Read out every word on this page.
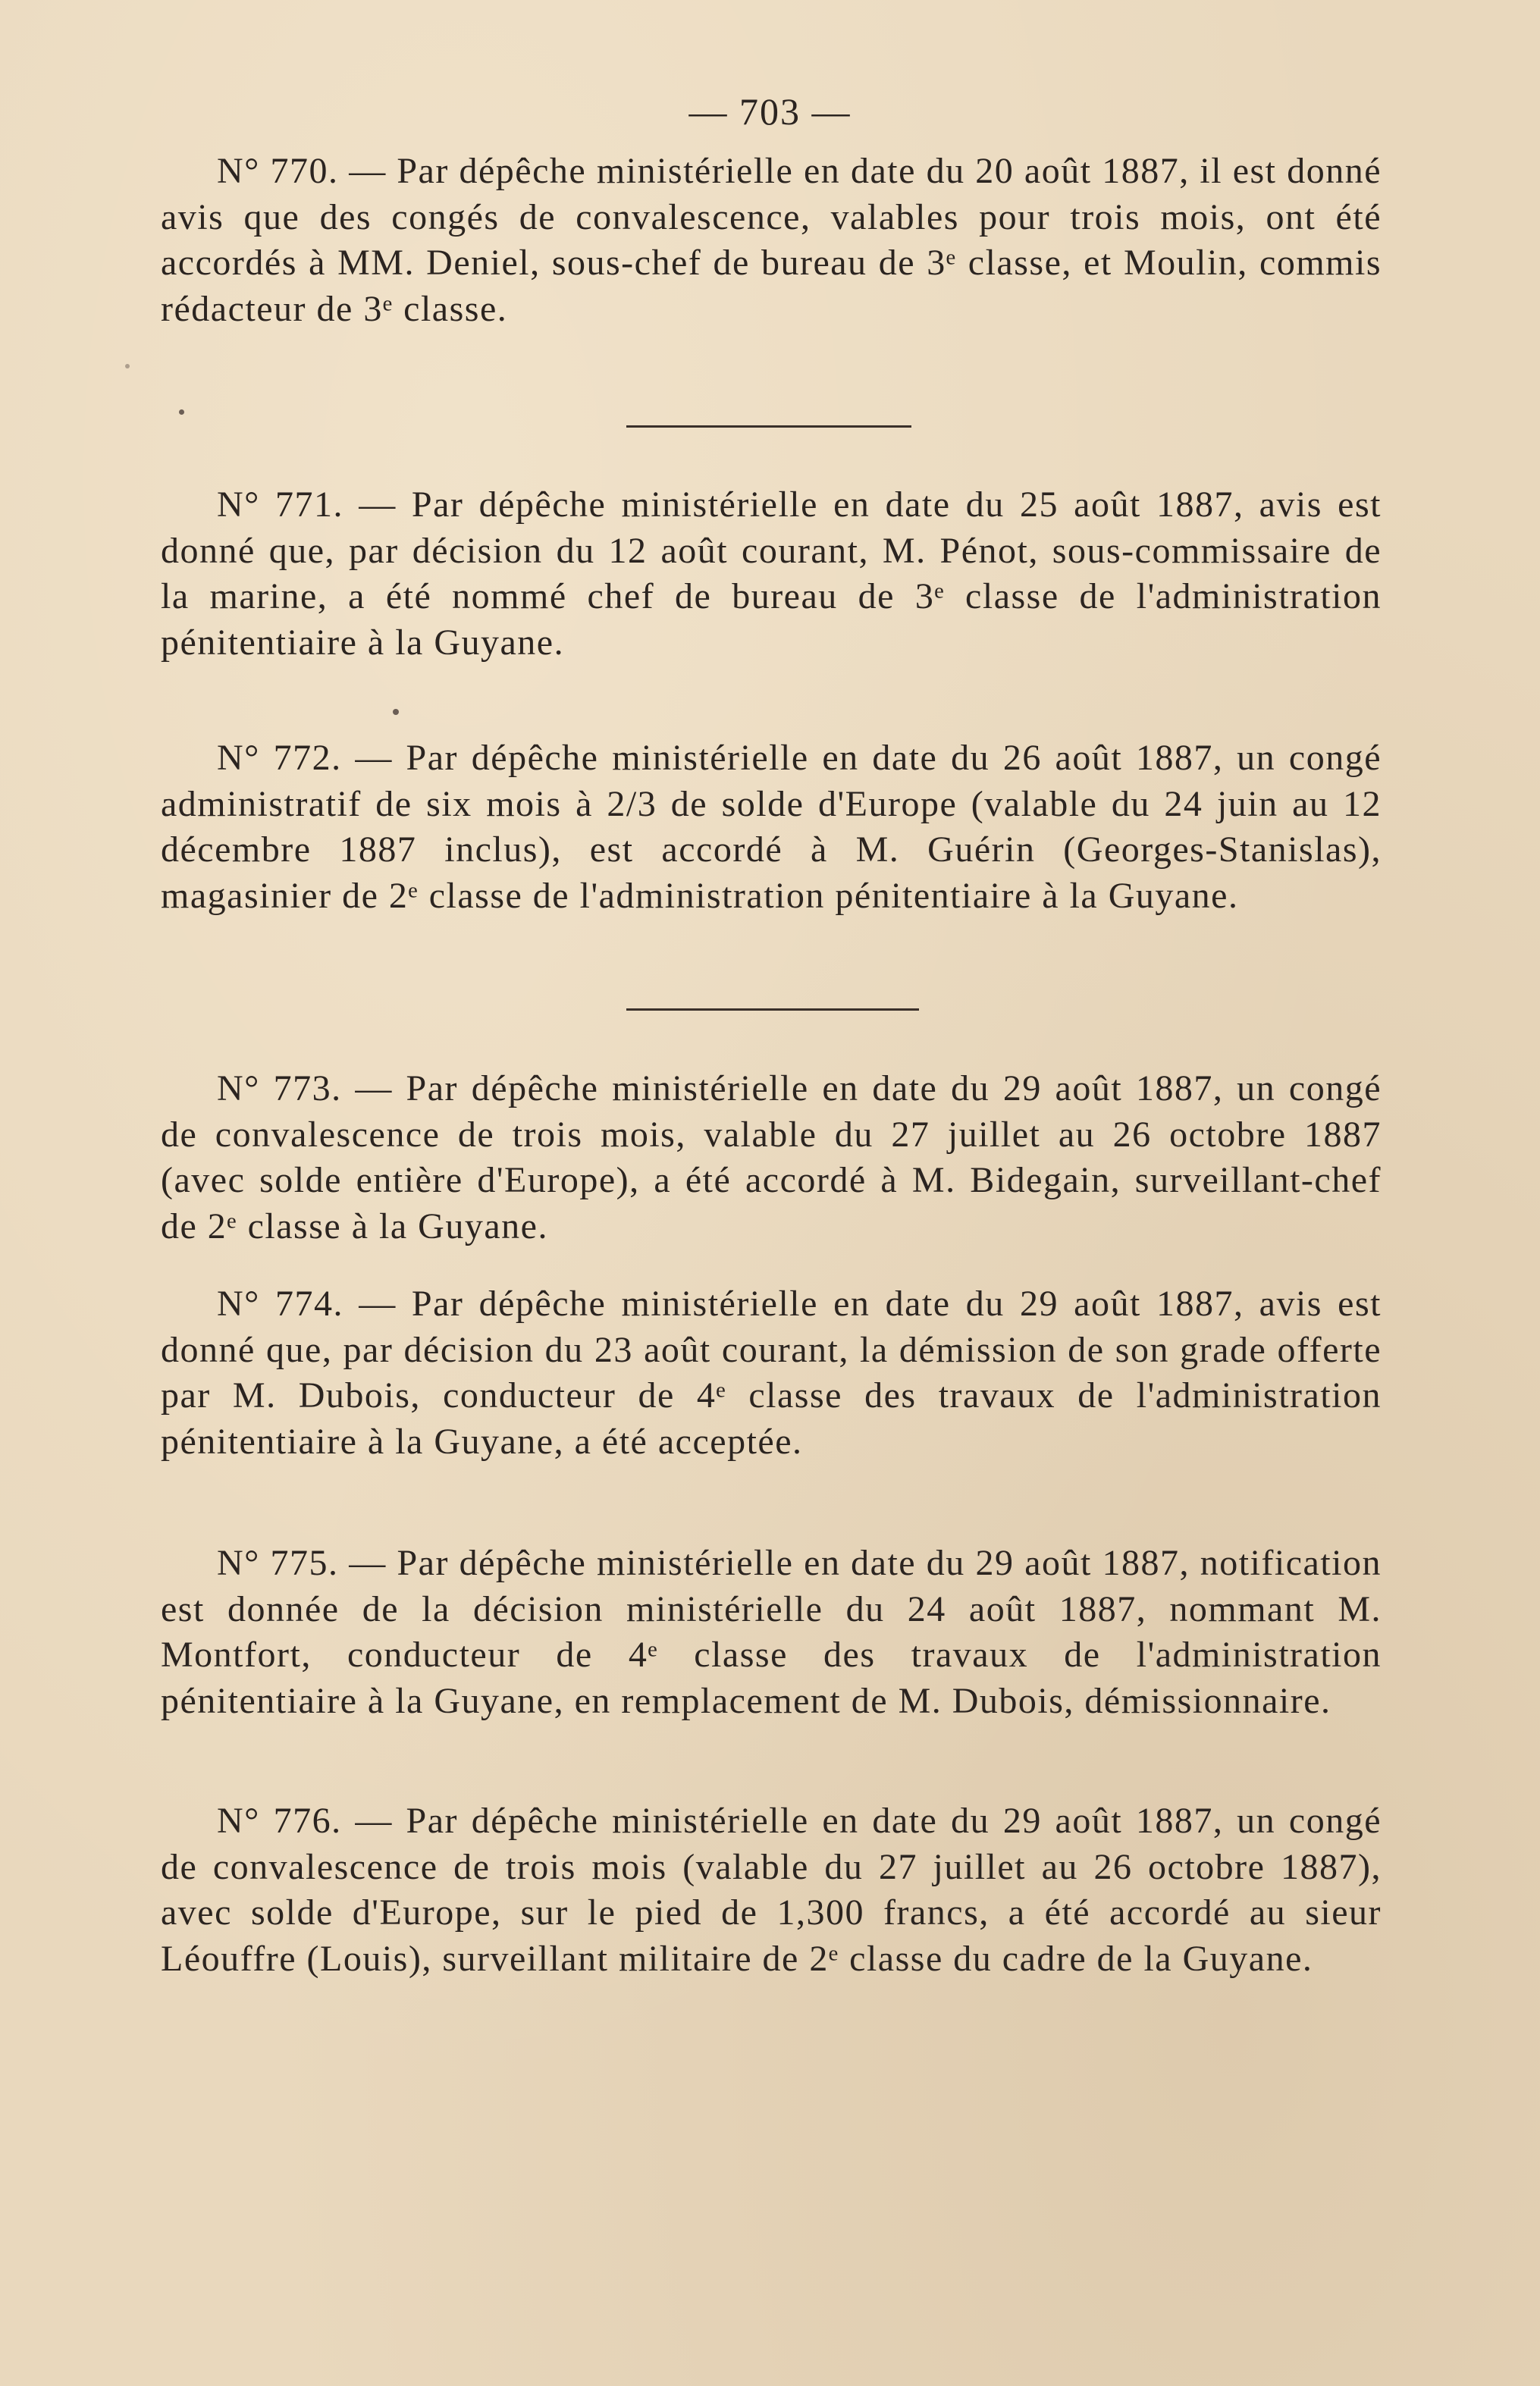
— 703 —

N° 770. — Par dépêche ministérielle en date du 20 août 1887, il est donné avis que des congés de convalescence, valables pour trois mois, ont été accordés à MM. Deniel, sous-chef de bureau de 3ᵉ classe, et Moulin, commis rédacteur de 3ᵉ classe.

N° 771. — Par dépêche ministérielle en date du 25 août 1887, avis est donné que, par décision du 12 août courant, M. Pénot, sous-commissaire de la marine, a été nommé chef de bureau de 3ᵉ classe de l'administration pénitentiaire à la Guyane.

N° 772. — Par dépêche ministérielle en date du 26 août 1887, un congé administratif de six mois à 2/3 de solde d'Europe (valable du 24 juin au 12 décembre 1887 inclus), est accordé à M. Guérin (Georges-Stanislas), magasinier de 2ᵉ classe de l'administration pénitentiaire à la Guyane.

N° 773. — Par dépêche ministérielle en date du 29 août 1887, un congé de convalescence de trois mois, valable du 27 juillet au 26 octobre 1887 (avec solde entière d'Europe), a été accordé à M. Bidegain, surveillant-chef de 2ᵉ classe à la Guyane.

N° 774. — Par dépêche ministérielle en date du 29 août 1887, avis est donné que, par décision du 23 août courant, la démission de son grade offerte par M. Dubois, conducteur de 4ᵉ classe des travaux de l'administration pénitentiaire à la Guyane, a été acceptée.

N° 775. — Par dépêche ministérielle en date du 29 août 1887, notification est donnée de la décision ministérielle du 24 août 1887, nommant M. Montfort, conducteur de 4ᵉ classe des travaux de l'administration pénitentiaire à la Guyane, en remplacement de M. Dubois, démissionnaire.

N° 776. — Par dépêche ministérielle en date du 29 août 1887, un congé de convalescence de trois mois (valable du 27 juillet au 26 octobre 1887), avec solde d'Europe, sur le pied de 1,300 francs, a été accordé au sieur Léouffre (Louis), surveillant militaire de 2ᵉ classe du cadre de la Guyane.
